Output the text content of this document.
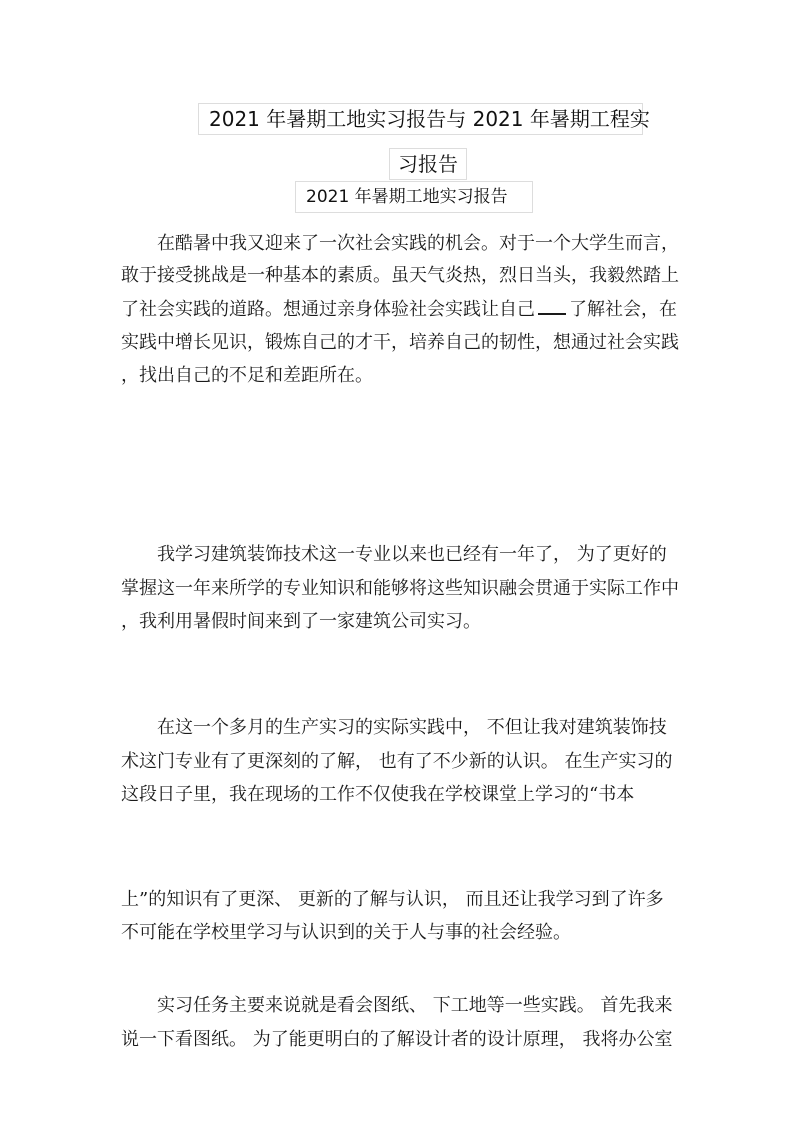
2021 年暑期工地实习报告与 2021 年暑期工程实
习报告
2021 年暑期工地实习报告
　　在酷暑中我又迎来了一次社会实践的机会。对于一个大学生而言，
敢于接受挑战是一种基本的素质。虽天气炎热，烈日当头，我毅然踏上
了社会实践的道路。想通过亲身体验社会实践让自己 了解社会，在
实践中增长见识，锻炼自己的才干，培养自己的韧性，想通过社会实践
，找出自己的不足和差距所在。
　　我学习建筑装饰技术这一专业以来也已经有一年了， 为了更好的
掌握这一年来所学的专业知识和能够将这些知识融会贯通于实际工作中
，我利用暑假时间来到了一家建筑公司实习。
　　在这一个多月的生产实习的实际实践中， 不但让我对建筑装饰技
术这门专业有了更深刻的了解， 也有了不少新的认识。 在生产实习的
这段日子里，我在现场的工作不仅使我在学校课堂上学习的“书本
上”的知识有了更深、 更新的了解与认识， 而且还让我学习到了许多
不可能在学校里学习与认识到的关于人与事的社会经验。
　　实习任务主要来说就是看会图纸、 下工地等一些实践。 首先我来
说一下看图纸。 为了能更明白的了解设计者的设计原理， 我将办公室
